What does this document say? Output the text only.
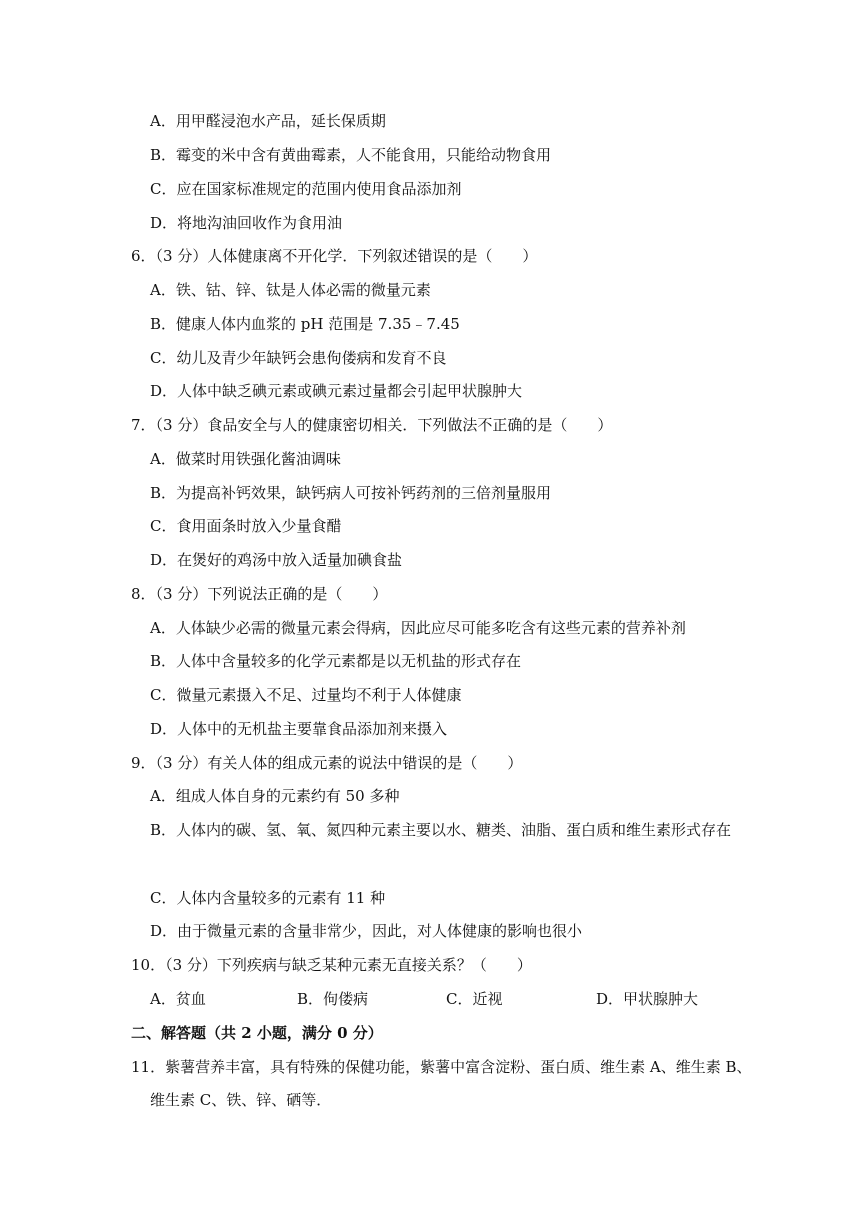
A．用甲醛浸泡水产品，延长保质期
B．霉变的米中含有黄曲霉素，人不能食用，只能给动物食用
C．应在国家标准规定的范围内使用食品添加剂
D．将地沟油回收作为食用油
6．（3 分）人体健康离不开化学．下列叙述错误的是（　　）
A．铁、钴、锌、钛是人体必需的微量元素
B．健康人体内血浆的 pH 范围是 7.35﹣7.45
C．幼儿及青少年缺钙会患佝偻病和发育不良
D．人体中缺乏碘元素或碘元素过量都会引起甲状腺肿大
7．（3 分）食品安全与人的健康密切相关．下列做法不正确的是（　　）
A．做菜时用铁强化酱油调味
B．为提高补钙效果，缺钙病人可按补钙药剂的三倍剂量服用
C．食用面条时放入少量食醋
D．在煲好的鸡汤中放入适量加碘食盐
8．（3 分）下列说法正确的是（　　）
A．人体缺少必需的微量元素会得病，因此应尽可能多吃含有这些元素的营养补剂
B．人体中含量较多的化学元素都是以无机盐的形式存在
C．微量元素摄入不足、过量均不利于人体健康
D．人体中的无机盐主要靠食品添加剂来摄入
9．（3 分）有关人体的组成元素的说法中错误的是（　　）
A．组成人体自身的元素约有 50 多种
B．人体内的碳、氢、氧、氮四种元素主要以水、糖类、油脂、蛋白质和维生素形式存在
C．人体内含量较多的元素有 11 种
D．由于微量元素的含量非常少，因此，对人体健康的影响也很小
10．（3 分）下列疾病与缺乏某种元素无直接关系？（　　）
A．贫血	B．佝偻病	C．近视	D．甲状腺肿大
二、解答题（共 2 小题，满分 0 分）
11．紫薯营养丰富，具有特殊的保健功能，紫薯中富含淀粉、蛋白质、维生素 A、维生素 B、
维生素 C、铁、锌、硒等．
